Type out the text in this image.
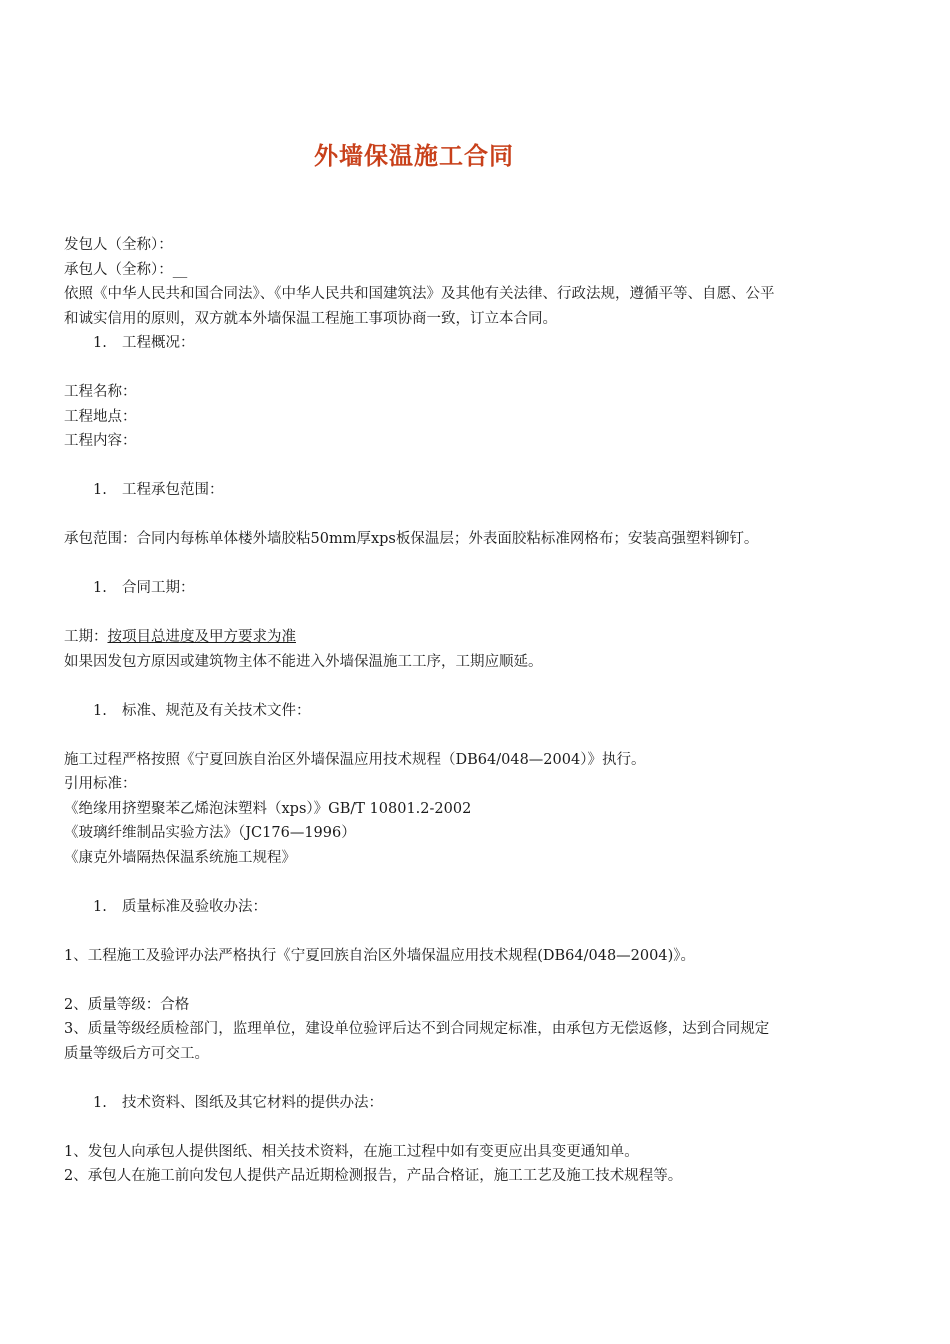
外墙保温施工合同
发包人（全称）：
承包人（全称）：__
依照《中华人民共和国合同法》、《中华人民共和国建筑法》及其他有关法律、行政法规，遵循平等、自愿、公平和诚实信用的原则，双方就本外墙保温工程施工事项协商一致，订立本合同。
1. 工程概况：
工程名称：
工程地点：
工程内容：
1. 工程承包范围：
承包范围：合同内每栋单体楼外墙胶粘50mm厚xps板保温层；外表面胶粘标准网格布；安装高强塑料铆钉。
1. 合同工期：
工期：按项目总进度及甲方要求为准
如果因发包方原因或建筑物主体不能进入外墙保温施工工序，工期应顺延。
1. 标准、规范及有关技术文件：
施工过程严格按照《宁夏回族自治区外墙保温应用技术规程（DB64/048—2004）》执行。
引用标准：
《绝缘用挤塑聚苯乙烯泡沫塑料（xps）》GB/T 10801.2-2002
《玻璃纤维制品实验方法》（JC176—1996）
《康克外墙隔热保温系统施工规程》
1. 质量标准及验收办法：
1、工程施工及验评办法严格执行《宁夏回族自治区外墙保温应用技术规程(DB64/048—2004)》。
2、质量等级：合格
3、质量等级经质检部门，监理单位，建设单位验评后达不到合同规定标准，由承包方无偿返修，达到合同规定质量等级后方可交工。
1. 技术资料、图纸及其它材料的提供办法：
1、发包人向承包人提供图纸、相关技术资料，在施工过程中如有变更应出具变更通知单。
2、承包人在施工前向发包人提供产品近期检测报告，产品合格证，施工工艺及施工技术规程等。
